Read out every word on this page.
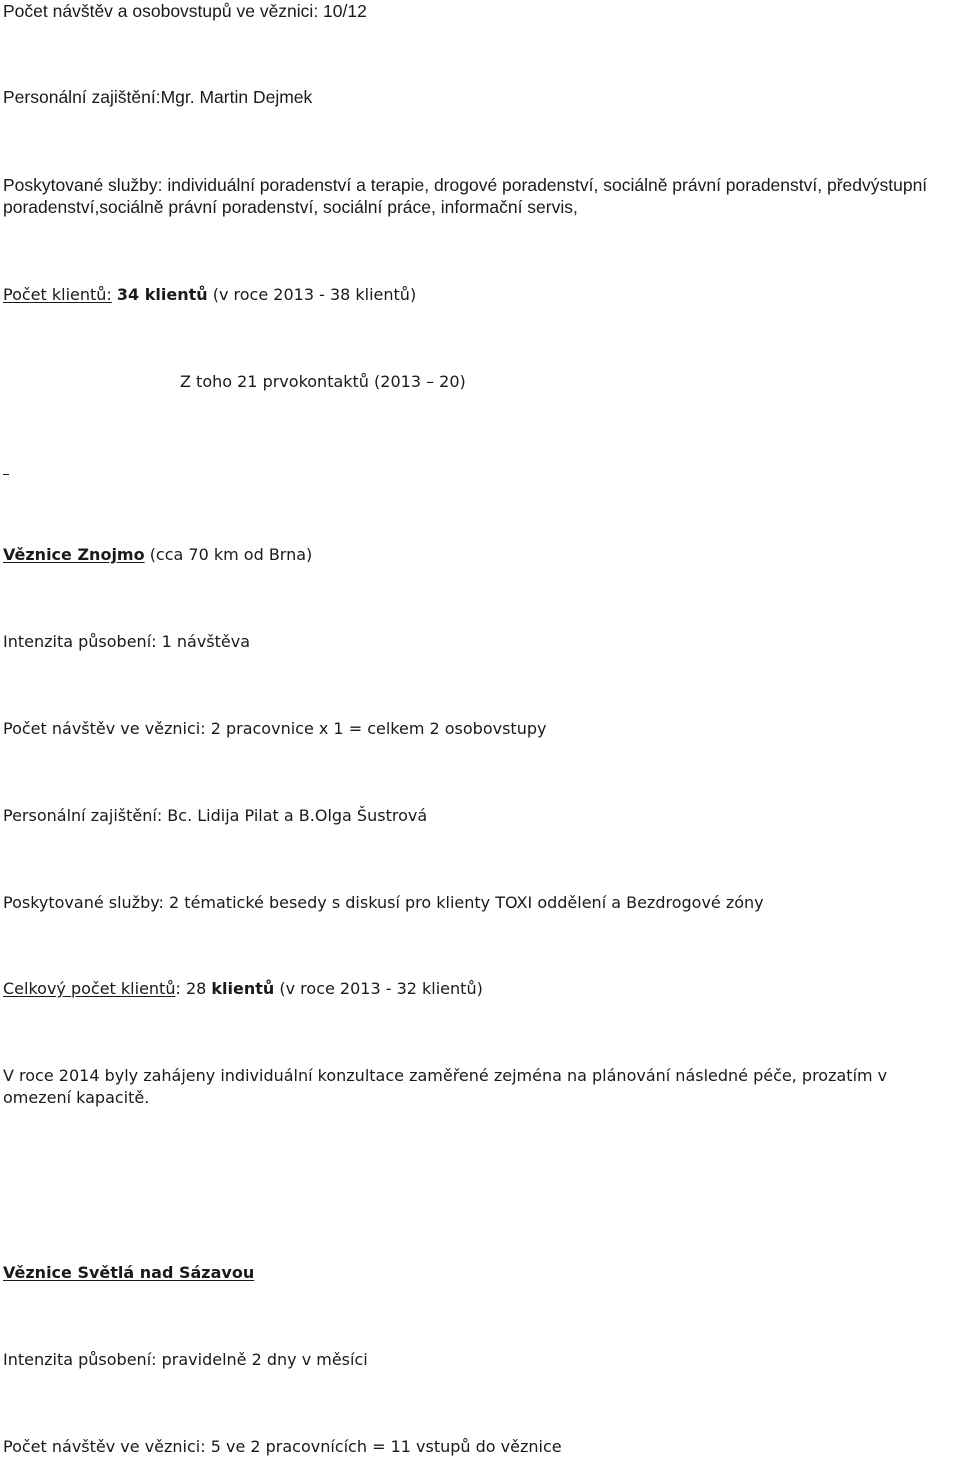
Počet návštěv a osobovstupů ve věznici: 10/12
Personální zajištění:Mgr. Martin Dejmek
Poskytované služby: individuální poradenství a terapie, drogové poradenství, sociálně právní poradenství, předvýstupní poradenství,sociálně právní poradenství, sociální práce, informační servis,
Počet klientů: 34 klientů (v roce 2013 - 38 klientů)
Z toho 21 prvokontaktů (2013 – 20)
Věznice Znojmo (cca 70 km od Brna)
Intenzita působení: 1 návštěva
Počet návštěv ve věznici: 2 pracovnice x 1 = celkem 2 osobovstupy
Personální zajištění: Bc. Lidija Pilat a B.Olga Šustrová
Poskytované služby: 2 tématické besedy s diskusí pro klienty TOXI oddělení a Bezdrogové zóny
Celkový počet klientů: 28 klientů (v roce 2013 - 32 klientů)
V roce 2014 byly zahájeny individuální konzultace zaměřené zejména na plánování následné péče, prozatím v omezení kapacitě.
Věznice Světlá nad Sázavou
Intenzita působení: pravidelně 2 dny v měsíci
Počet návštěv ve věznici: 5 ve 2 pracovnících = 11 vstupů do věznice
